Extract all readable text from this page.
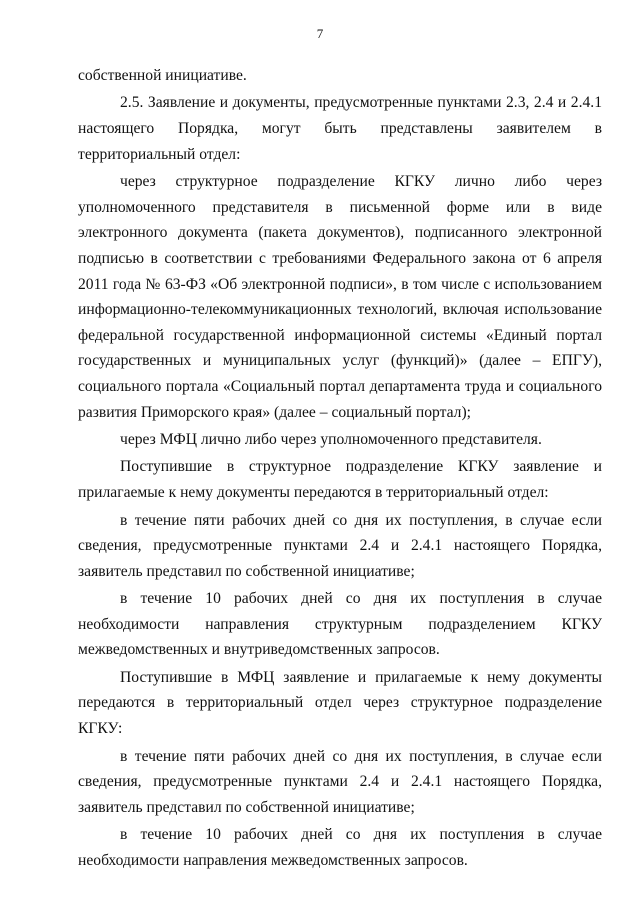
7

собственной инициативе.

2.5. Заявление и документы, предусмотренные пунктами 2.3, 2.4 и 2.4.1 настоящего Порядка, могут быть представлены заявителем в территориальный отдел:

через структурное подразделение КГКУ лично либо через уполномоченного представителя в письменной форме или в виде электронного документа (пакета документов), подписанного электронной подписью в соответствии с требованиями Федерального закона от 6 апреля 2011 года № 63-ФЗ «Об электронной подписи», в том числе с использованием информационно-телекоммуникационных технологий, включая использование федеральной государственной информационной системы «Единый портал государственных и муниципальных услуг (функций)» (далее – ЕПГУ), социального портала «Социальный портал департамента труда и социального развития Приморского края» (далее – социальный портал);

через МФЦ лично либо через уполномоченного представителя.

Поступившие в структурное подразделение КГКУ заявление и прилагаемые к нему документы передаются в территориальный отдел:

в течение пяти рабочих дней со дня их поступления, в случае если сведения, предусмотренные пунктами 2.4 и 2.4.1 настоящего Порядка, заявитель представил по собственной инициативе;

в течение 10 рабочих дней со дня их поступления в случае необходимости направления структурным подразделением КГКУ межведомственных и внутриведомственных запросов.

Поступившие в МФЦ заявление и прилагаемые к нему документы передаются в территориальный отдел через структурное подразделение КГКУ:

в течение пяти рабочих дней со дня их поступления, в случае если сведения, предусмотренные пунктами 2.4 и 2.4.1 настоящего Порядка, заявитель представил по собственной инициативе;

в течение 10 рабочих дней со дня их поступления в случае необходимости направления межведомственных запросов.
